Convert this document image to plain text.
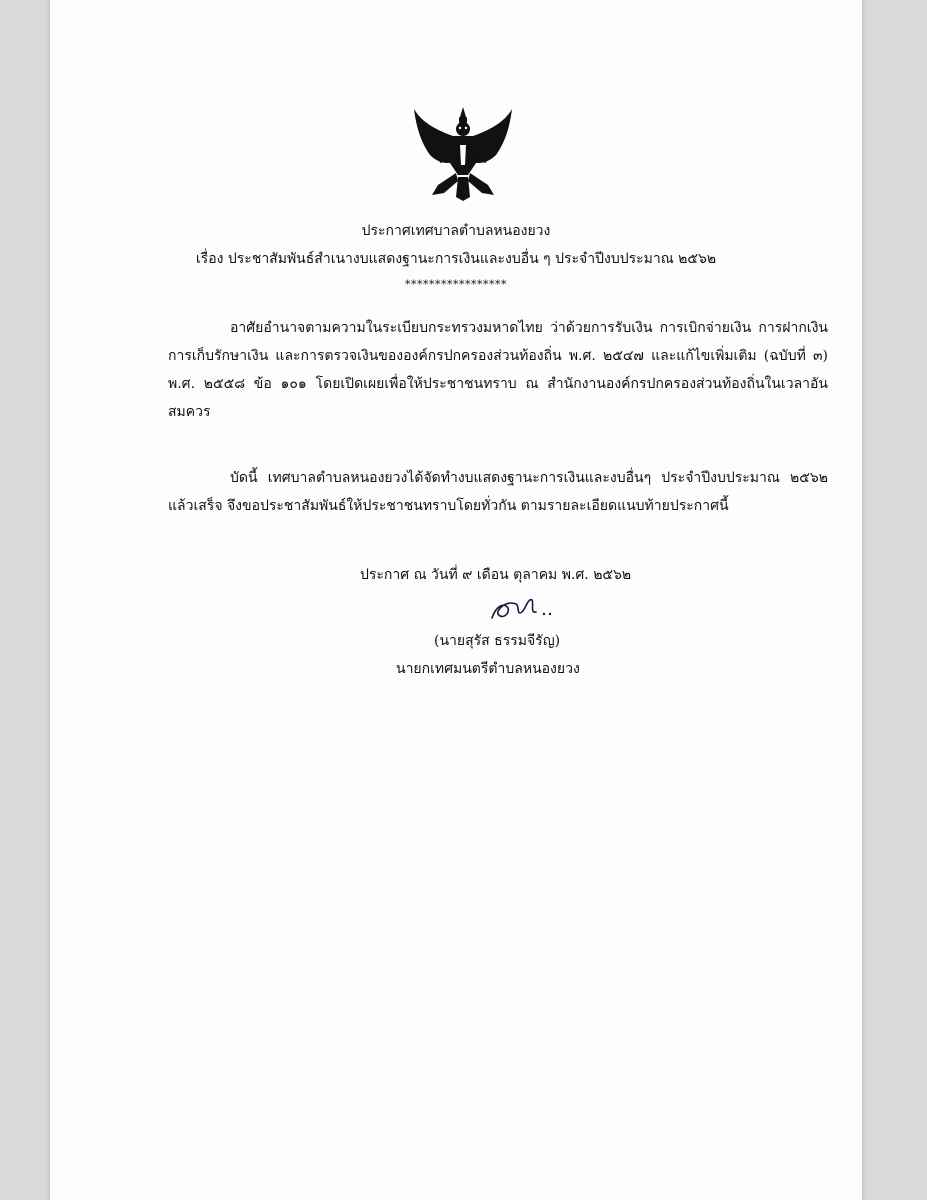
ประกาศเทศบาลตำบลหนองยวง
เรื่อง ประชาสัมพันธ์สำเนางบแสดงฐานะการเงินและงบอื่น ๆ ประจำปีงบประมาณ ๒๕๖๒
*****************

อาศัยอำนาจตามความในระเบียบกระทรวงมหาดไทย ว่าด้วยการรับเงิน การเบิกจ่ายเงิน การฝากเงิน การเก็บรักษาเงิน และการตรวจเงินขององค์กรปกครองส่วนท้องถิ่น พ.ศ. ๒๕๔๗ และแก้ไขเพิ่มเติม (ฉบับที่ ๓) พ.ศ. ๒๕๕๘ ข้อ ๑๐๑ โดยเปิดเผยเพื่อให้ประชาชนทราบ ณ สำนักงานองค์กรปกครองส่วนท้องถิ่นในเวลาอันสมควร

บัดนี้ เทศบาลตำบลหนองยวงได้จัดทำงบแสดงฐานะการเงินและงบอื่นๆ ประจำปีงบประมาณ ๒๕๖๒ แล้วเสร็จ จึงขอประชาสัมพันธ์ให้ประชาชนทราบโดยทั่วกัน ตามรายละเอียดแนบท้ายประกาศนี้

ประกาศ ณ วันที่ ๙ เดือน ตุลาคม พ.ศ. ๒๕๖๒
(นายสุรัส ธรรมจีรัญ)
นายกเทศมนตรีตำบลหนองยวง
